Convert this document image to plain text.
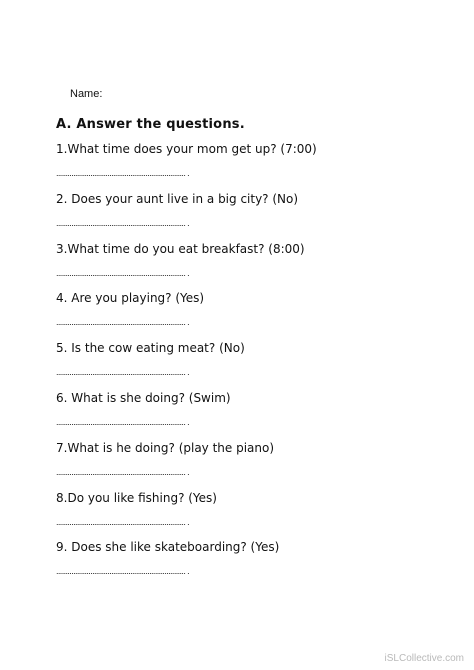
Name:
A. Answer the questions.
1.What time does your mom get up? (7:00)
.................................................................... .
2. Does your aunt live in a big city? (No)
.................................................................... .
3.What time do you eat breakfast? (8:00)
.................................................................... .
4. Are you playing? (Yes)
.................................................................... .
5. Is the cow eating meat? (No)
.................................................................... .
6. What is she doing? (Swim)
.................................................................... .
7.What is he doing? (play the piano)
.................................................................... .
8.Do you like fishing? (Yes)
.................................................................... .
9. Does she like skateboarding? (Yes)
.................................................................... .
iSLCollective.com
